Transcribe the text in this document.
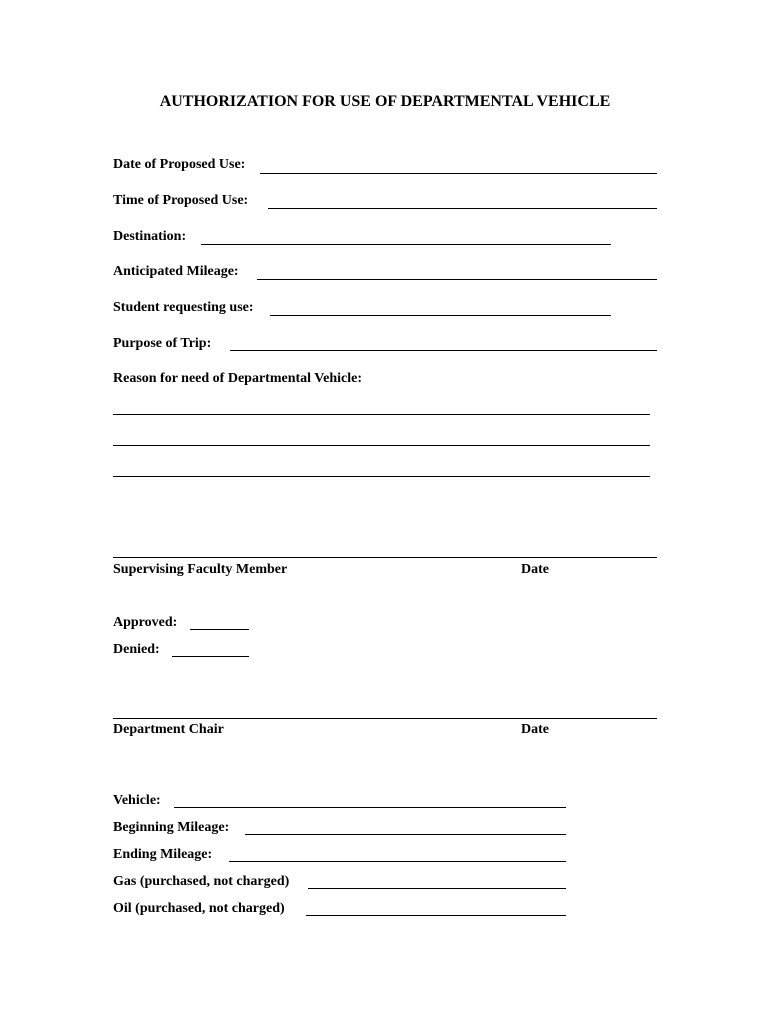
AUTHORIZATION FOR USE OF DEPARTMENTAL VEHICLE
Date of Proposed Use:
Time of Proposed Use:
Destination:
Anticipated Mileage:
Student requesting use:
Purpose of Trip:
Reason for need of Departmental Vehicle:
Supervising Faculty Member	Date
Approved:
Denied:
Department Chair	Date
Vehicle:
Beginning Mileage:
Ending Mileage:
Gas (purchased, not charged)
Oil (purchased, not charged)
